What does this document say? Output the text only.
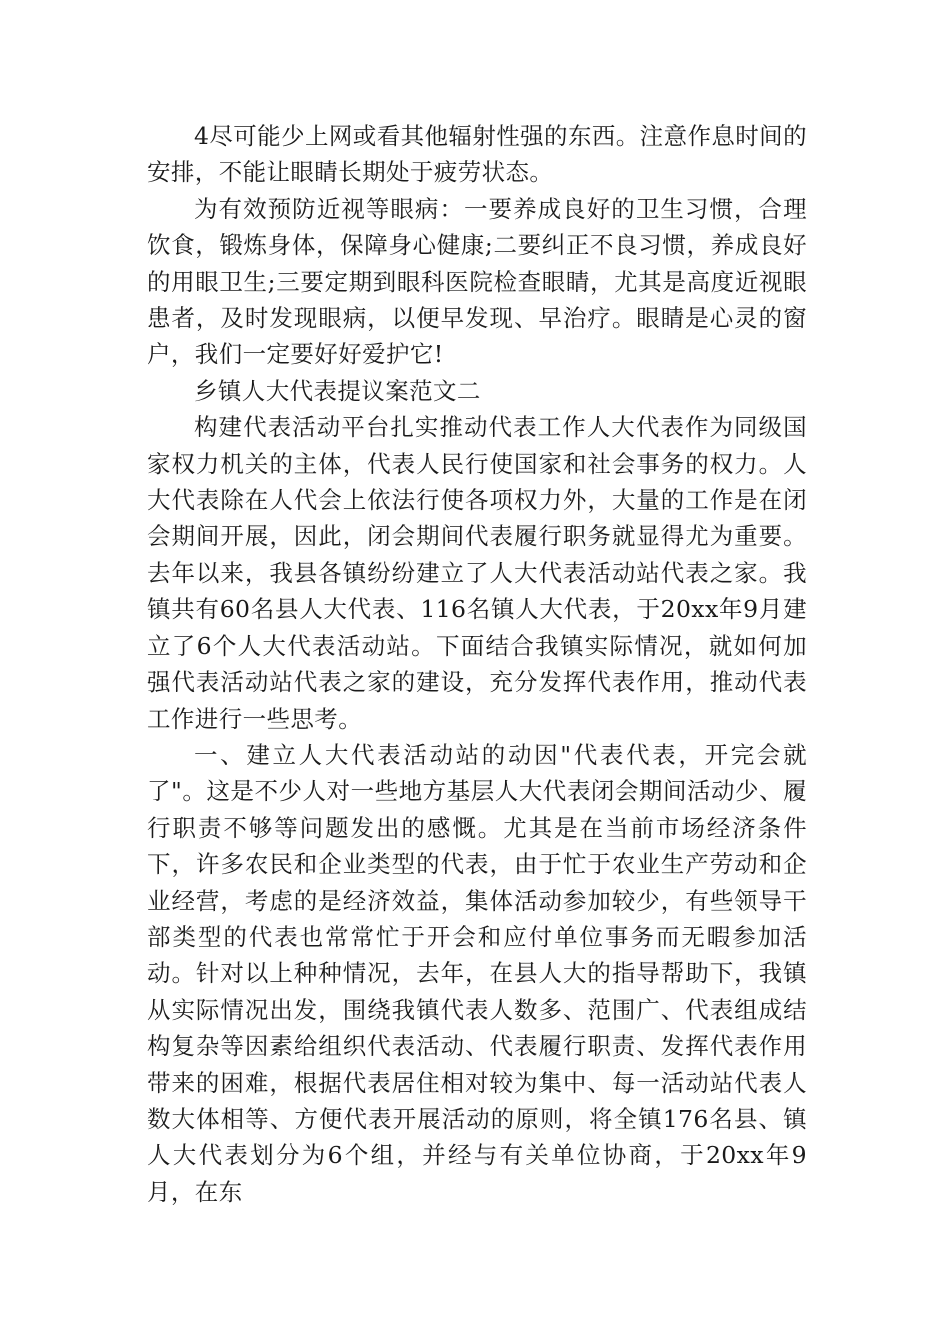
4尽可能少上网或看其他辐射性强的东西。注意作息时间的安排，不能让眼睛长期处于疲劳状态。

为有效预防近视等眼病：一要养成良好的卫生习惯，合理饮食，锻炼身体，保障身心健康;二要纠正不良习惯，养成良好的用眼卫生;三要定期到眼科医院检查眼睛，尤其是高度近视眼患者，及时发现眼病，以便早发现、早治疗。眼睛是心灵的窗户，我们一定要好好爱护它!

乡镇人大代表提议案范文二

构建代表活动平台扎实推动代表工作人大代表作为同级国家权力机关的主体，代表人民行使国家和社会事务的权力。人大代表除在人代会上依法行使各项权力外，大量的工作是在闭会期间开展，因此，闭会期间代表履行职务就显得尤为重要。去年以来，我县各镇纷纷建立了人大代表活动站代表之家。我镇共有60名县人大代表、116名镇人大代表，于20xx年9月建立了6个人大代表活动站。下面结合我镇实际情况，就如何加强代表活动站代表之家的建设，充分发挥代表作用，推动代表工作进行一些思考。

一、建立人大代表活动站的动因"代表代表，开完会就了"。这是不少人对一些地方基层人大代表闭会期间活动少、履行职责不够等问题发出的感慨。尤其是在当前市场经济条件下，许多农民和企业类型的代表，由于忙于农业生产劳动和企业经营，考虑的是经济效益，集体活动参加较少，有些领导干部类型的代表也常常忙于开会和应付单位事务而无暇参加活动。针对以上种种情况，去年，在县人大的指导帮助下，我镇从实际情况出发，围绕我镇代表人数多、范围广、代表组成结构复杂等因素给组织代表活动、代表履行职责、发挥代表作用带来的困难，根据代表居住相对较为集中、每一活动站代表人数大体相等、方便代表开展活动的原则，将全镇176名县、镇人大代表划分为6个组，并经与有关单位协商，于20xx年9月，在东
